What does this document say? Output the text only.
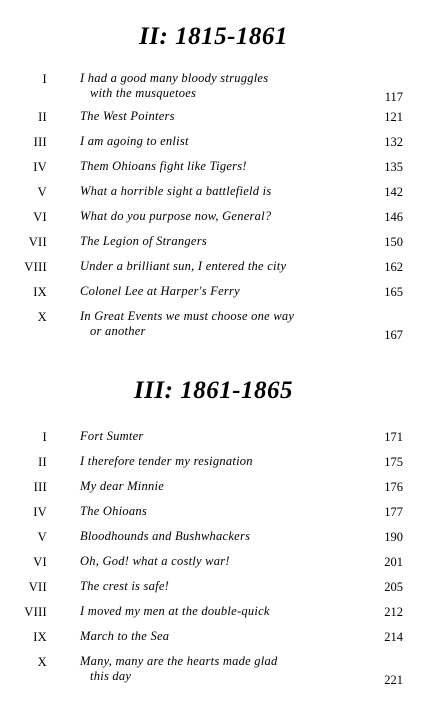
II: 1815-1861
I	I had a good many bloody struggles
with the musquetoes	117
II	The West Pointers	121
III	I am agoing to enlist	132
IV	Them Ohioans fight like Tigers!	135
V	What a horrible sight a battlefield is	142
VI	What do you purpose now, General?	146
VII	The Legion of Strangers	150
VIII	Under a brilliant sun, I entered the city	162
IX	Colonel Lee at Harper's Ferry	165
X	In Great Events we must choose one way
or another	167
III: 1861-1865
I	Fort Sumter	171
II	I therefore tender my resignation	175
III	My dear Minnie	176
IV	The Ohioans	177
V	Bloodhounds and Bushwhackers	190
VI	Oh, God! what a costly war!	201
VII	The crest is safe!	205
VIII	I moved my men at the double-quick	212
IX	March to the Sea	214
X	Many, many are the hearts made glad
this day	221
